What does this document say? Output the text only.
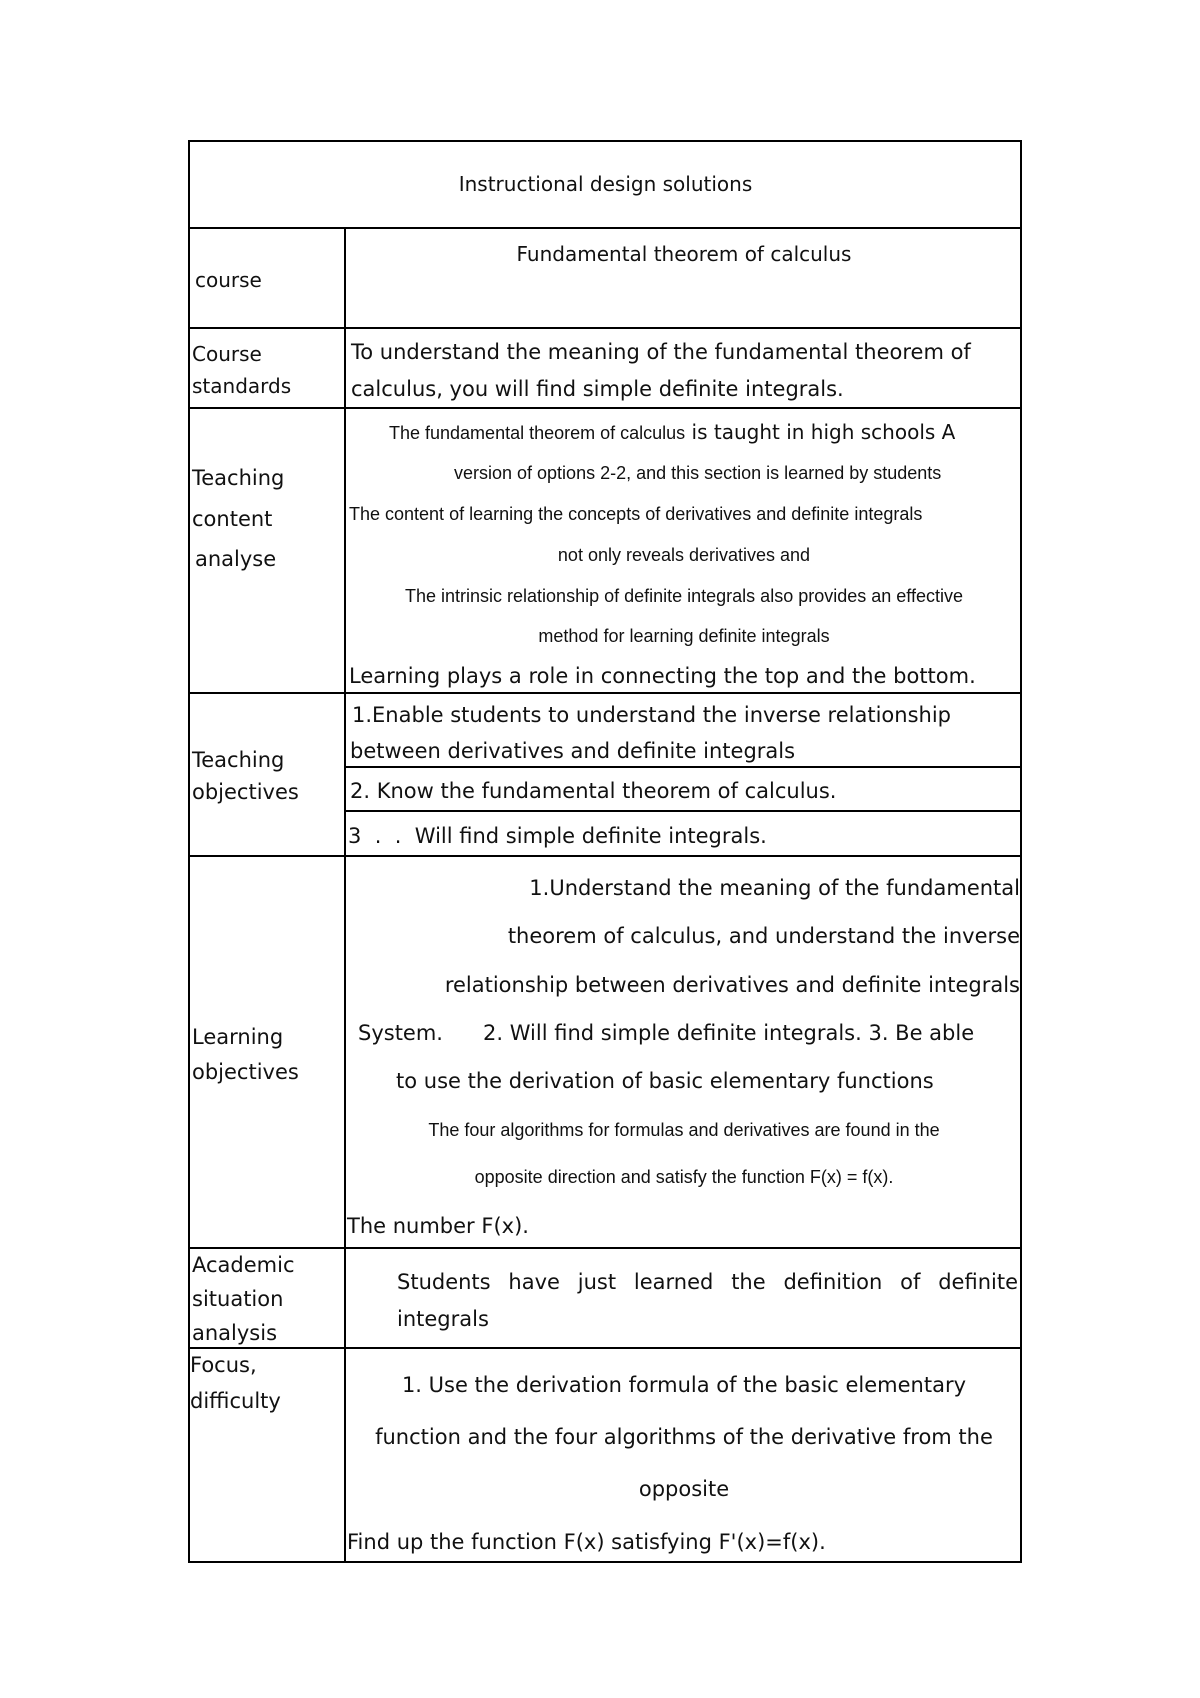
Instructional design solutions
course
Fundamental theorem of calculus
Course
standards
To understand the meaning of the fundamental theorem of
calculus, you will find simple definite integrals.
Teaching
content
analyse
The fundamental theorem of calculus is taught in high schools A
version of options 2-2, and this section is learned by students
The content of learning the concepts of derivatives and definite integrals
not only reveals derivatives and
The intrinsic relationship of definite integrals also provides an effective
method for learning definite integrals
Learning plays a role in connecting the top and the bottom.
Teaching
objectives
1.Enable students to understand the inverse relationship
between derivatives and definite integrals
2. Know the fundamental theorem of calculus.
3  .  .  Will find simple definite integrals.
Learning
objectives
1.Understand the meaning of the fundamental
theorem of calculus, and understand the inverse
relationship between derivatives and definite integrals
System.      2. Will find simple definite integrals. 3. Be able
to use the derivation of basic elementary functions
The four algorithms for formulas and derivatives are found in the
opposite direction and satisfy the function F(x) = f(x).
The number F(x).
Academic
situation
analysis
Students have just learned the definition of definite
integrals
Focus,
difficulty
1. Use the derivation formula of the basic elementary
function and the four algorithms of the derivative from the
opposite
Find up the function F(x) satisfying F'(x)=f(x).
